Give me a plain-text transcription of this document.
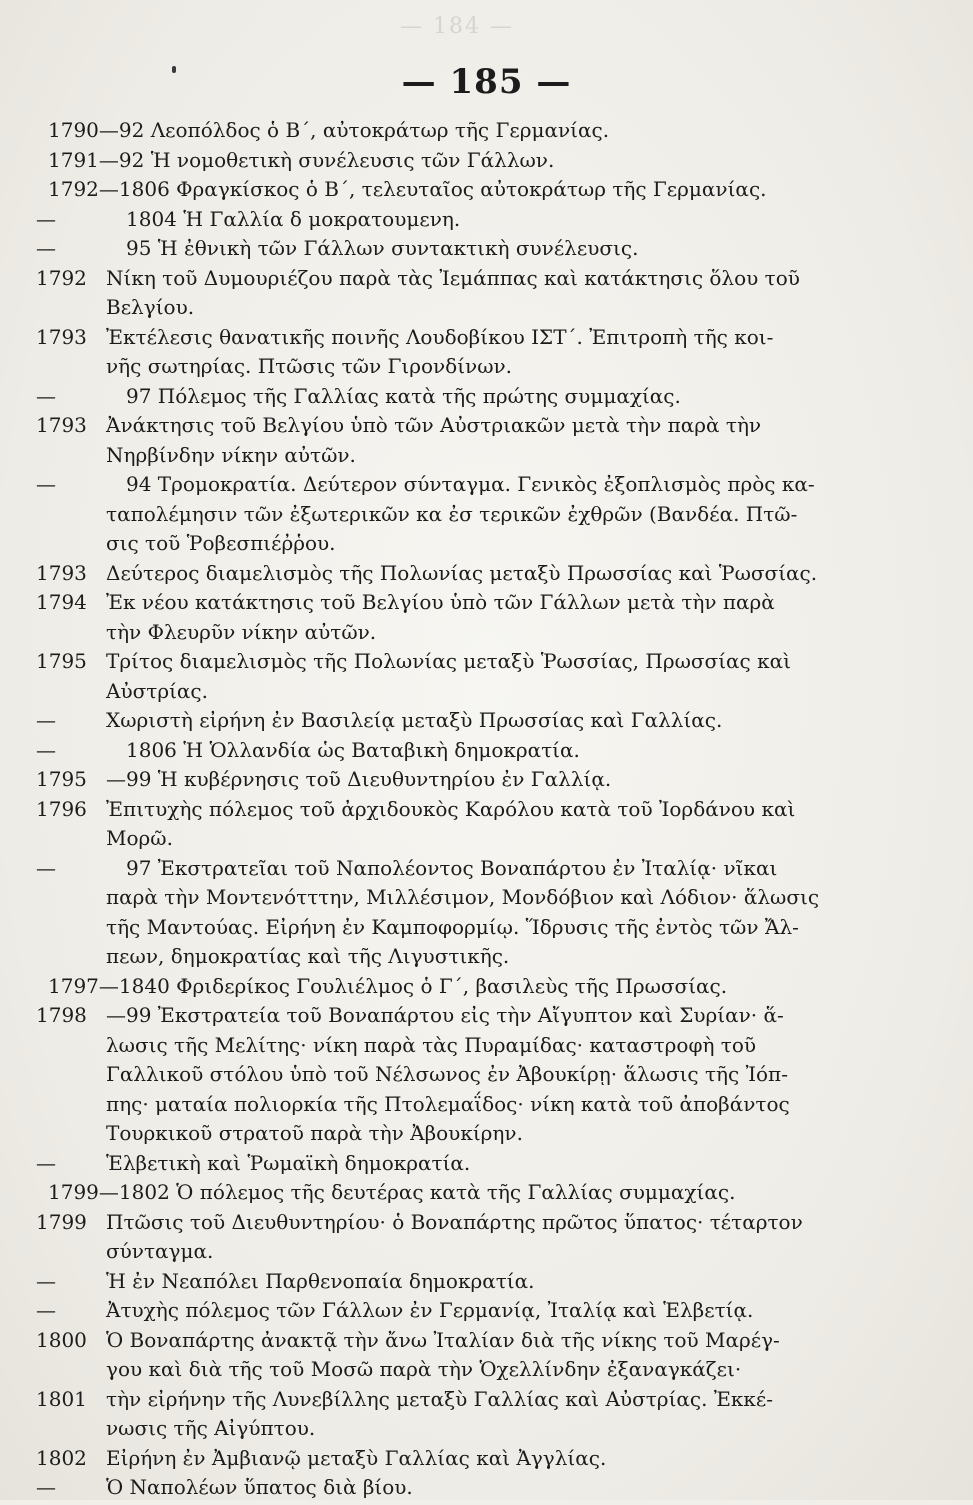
— 184 —
— 185 —
1790—92 Λεοπόλδος ὁ Β΄, αὐτοκράτωρ τῆς Γερμανίας.
1791—92 Ἡ νομοθετικὴ συνέλευσις τῶν Γάλλων.
1792—1806 Φραγκίσκος ὁ Β΄, τελευταῖος αὐτοκράτωρ τῆς Γερμανίας.
—	1804 Ἡ Γαλλία δ μοκρατουμενη.
—	95 Ἡ ἐθνικὴ τῶν Γάλλων συντακτικὴ συνέλευσις.
1792 Νίκη τοῦ Δυμουριέζου παρὰ τὰς Ἰεμάππας καὶ κατάκτησις ὅλου τοῦ
Βελγίου.
1793 Ἐκτέλεσις θανατικῆς ποινῆς Λουδοβίκου ΙΣΤ΄. Ἐπιτροπὴ τῆς κοι-
νῆς σωτηρίας. Πτῶσις τῶν Γιρονδίνων.
—	97 Πόλεμος τῆς Γαλλίας κατὰ τῆς πρώτης συμμαχίας.
1793 Ἀνάκτησις τοῦ Βελγίου ὑπὸ τῶν Αὐστριακῶν μετὰ τὴν παρὰ τὴν
Νηρβίνδην νίκην αὐτῶν.
—	94 Τρομοκρατία. Δεύτερον σύνταγμα. Γενικὸς ἐξοπλισμὸς πρὸς κα-
ταπολέμησιν τῶν ἐξωτερικῶν κα ἐσ τερικῶν ἐχθρῶν (Βανδέα. Πτῶ-
σις τοῦ Ῥοβεσπιέῤῥου.
1793 Δεύτερος διαμελισμὸς τῆς Πολωνίας μεταξὺ Πρωσσίας καὶ Ῥωσσίας.
1794 Ἐκ νέου κατάκτησις τοῦ Βελγίου ὑπὸ τῶν Γάλλων μετὰ τὴν παρὰ
τὴν Φλευρῦν νίκην αὐτῶν.
1795 Τρίτος διαμελισμὸς τῆς Πολωνίας μεταξὺ Ῥωσσίας, Πρωσσίας καὶ
Αὐστρίας.
—	Χωριστὴ εἰρήνη ἐν Βασιλείᾳ μεταξὺ Πρωσσίας καὶ Γαλλίας.
—	1806 Ἡ Ὁλλανδία ὡς Βαταβικὴ δημοκρατία.
1795 —99 Ἡ κυβέρνησις τοῦ Διευθυντηρίου ἐν Γαλλίᾳ.
1796 Ἐπιτυχὴς πόλεμος τοῦ ἀρχιδουκὸς Καρόλου κατὰ τοῦ Ἰορδάνου καὶ
Μορῶ.
—	97 Ἐκστρατεῖαι τοῦ Ναπολέοντος Βοναπάρτου ἐν Ἰταλίᾳ· νῖκαι
παρὰ τὴν Μοντενότττην, Μιλλέσιμον, Μονδόβιον καὶ Λόδιον· ἅλωσις
τῆς Μαντούας. Εἰρήνη ἐν Καμποφορμίῳ. Ἵδρυσις τῆς ἐντὸς τῶν Ἄλ-
πεων, δημοκρατίας καὶ τῆς Λιγυστικῆς.
1797—1840 Φριδερίκος Γουλιέλμος ὁ Γ΄, βασιλεὺς τῆς Πρωσσίας.
1798 —99 Ἐκστρατεία τοῦ Βοναπάρτου εἰς τὴν Αἴγυπτον καὶ Συρίαν· ἅ-
λωσις τῆς Μελίτης· νίκη παρὰ τὰς Πυραμίδας· καταστροφὴ τοῦ
Γαλλικοῦ στόλου ὑπὸ τοῦ Νέλσωνος ἐν Ἀβουκίρῃ· ἅλωσις τῆς Ἰόπ-
πης· ματαία πολιορκία τῆς Πτολεμαΐδος· νίκη κατὰ τοῦ ἀποβάντος
Τουρκικοῦ στρατοῦ παρὰ τὴν Ἀβουκίρην.
—	Ἑλβετικὴ καὶ Ῥωμαϊκὴ δημοκρατία.
1799—1802 Ὁ πόλεμος τῆς δευτέρας κατὰ τῆς Γαλλίας συμμαχίας.
1799 Πτῶσις τοῦ Διευθυντηρίου· ὁ Βοναπάρτης πρῶτος ὕπατος· τέταρτον
σύνταγμα.
—	Ἡ ἐν Νεαπόλει Παρθενοπαία δημοκρατία.
—	Ἀτυχὴς πόλεμος τῶν Γάλλων ἐν Γερμανίᾳ, Ἰταλίᾳ καὶ Ἑλβετίᾳ.
1800 Ὁ Βοναπάρτης ἀνακτᾷ τὴν ἄνω Ἰταλίαν διὰ τῆς νίκης τοῦ Μαρέγ-
γου καὶ διὰ τῆς τοῦ Μοσῶ παρὰ τὴν Ὁχελλίνδην ἐξαναγκάζει·
1801 τὴν εἰρήνην τῆς Λυνεβίλλης μεταξὺ Γαλλίας καὶ Αὐστρίας. Ἐκκέ-
νωσις τῆς Αἰγύπτου.
1802 Εἰρήνη ἐν Ἀμβιανῷ μεταξὺ Γαλλίας καὶ Ἀγγλίας.
—	Ὁ Ναπολέων ὕπατος διὰ βίου.
